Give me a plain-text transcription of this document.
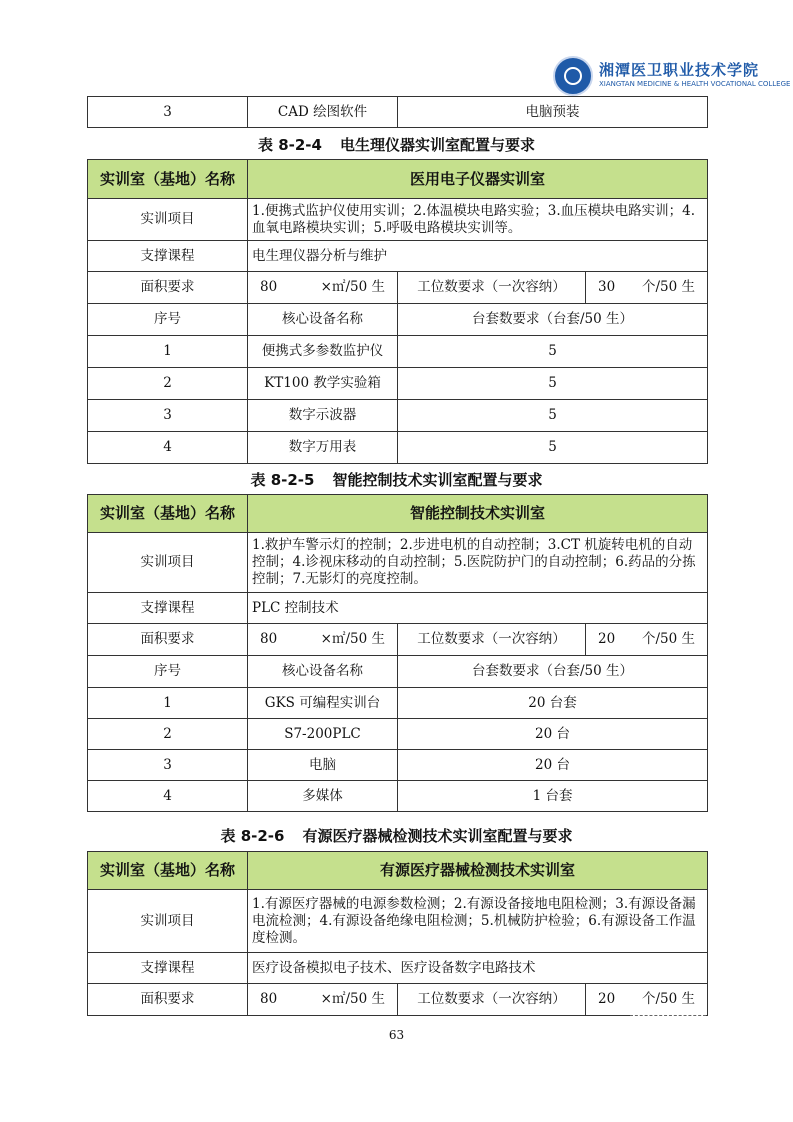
湘潭医卫职业技术学院
XIANGTAN MEDICINE & HEALTH VOCATIONAL COLLEGE
3	CAD 绘图软件	电脑预装
表 8-2-4 电生理仪器实训室配置与要求
实训室（基地）名称	医用电子仪器实训室		
实训项目	1.便携式监护仪使用实训；2.体温模块电路实验；3.血压模块电路实训；4.血氧电路模块实训；5.呼吸电路模块实训等。		
支撑课程	电生理仪器分析与维护		
面积要求	80 ×㎡/50 生	工位数要求（一次容纳）	30 个/50 生

序号	核心设备名称	台套数要求（台套/50 生）	
1	便携式多参数监护仪	5	
2	KT100 教学实验箱	5	
3	数字示波器	5	
4	数字万用表	5	
表 8-2-5 智能控制技术实训室配置与要求
实训室（基地）名称	智能控制技术实训室		
实训项目	1.救护车警示灯的控制；2.步进电机的自动控制；3.CT 机旋转电机的自动控制；4.诊视床移动的自动控制；5.医院防护门的自动控制；6.药品的分拣控制；7.无影灯的亮度控制。		
支撑课程	PLC 控制技术		
面积要求	80 ×㎡/50 生	工位数要求（一次容纳）	20 个/50 生

序号	核心设备名称	台套数要求（台套/50 生）	
1	GKS 可编程实训台	20 台套	
2	S7-200PLC	20 台	
3	电脑	20 台	
4	多媒体	1 台套	
表 8-2-6 有源医疗器械检测技术实训室配置与要求
实训室（基地）名称	有源医疗器械检测技术实训室		
实训项目	1.有源医疗器械的电源参数检测；2.有源设备接地电阻检测；3.有源设备漏电流检测；4.有源设备绝缘电阻检测；5.机械防护检验；6.有源设备工作温度检测。		
支撑课程	医疗设备模拟电子技术、医疗设备数字电路技术		
面积要求	80 ×㎡/50 生	工位数要求（一次容纳）	20 个/50 生
63
